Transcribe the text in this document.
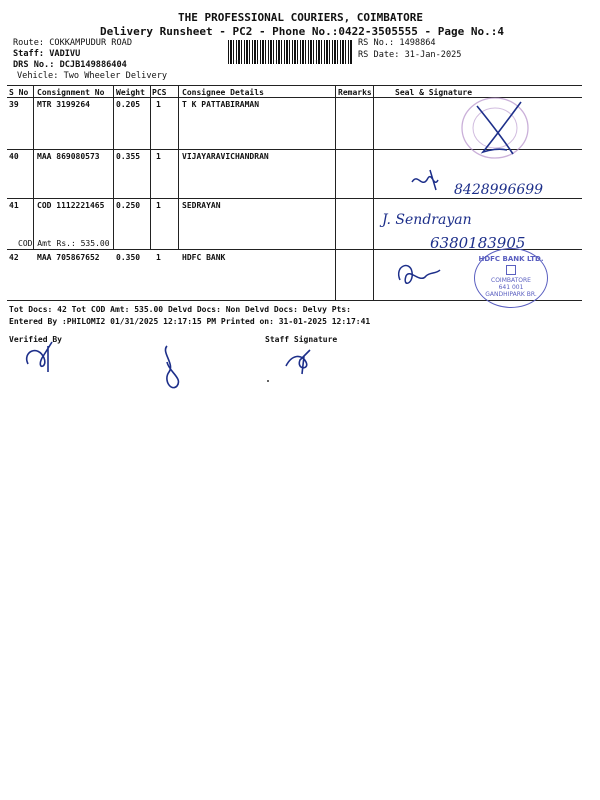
THE PROFESSIONAL COURIERS, COIMBATORE
Delivery Runsheet - PC2 - Phone No.:0422-3505555 - Page No.:4
Route: COKKAMPUDUR ROAD
Staff: VADIVU
DRS No.: DCJB149886404
Vehicle: Two Wheeler Delivery
RS No.: 1498864
RS Date: 31-Jan-2025
S No Consignment No Weight PCS Consignee Details	Remarks	Seal & Signature
39 MTR 3199264	0.205 1	T K PATTABIRAMAN
40 MAA 869080573 0.355 1	VIJAYARAVICHANDRAN
41 COD 1112221465 0.250 1	SEDRAYAN
COD Amt Rs.: 535.00
42 MAA 705867652 0.350 1	HDFC BANK
8428996699
J. Sendrayan
6380183905
HDFC BANK LTD.
COIMBATORE
641 001
GANDHIPARK BR.
Tot Docs: 42 Tot COD Amt: 535.00 Delvd Docs: Non Delvd Docs: Delvy Pts:
Entered By :PHILOMI2 01/31/2025 12:17:15 PM Printed on: 31-01-2025 12:17:41
Verified By	Staff Signature
